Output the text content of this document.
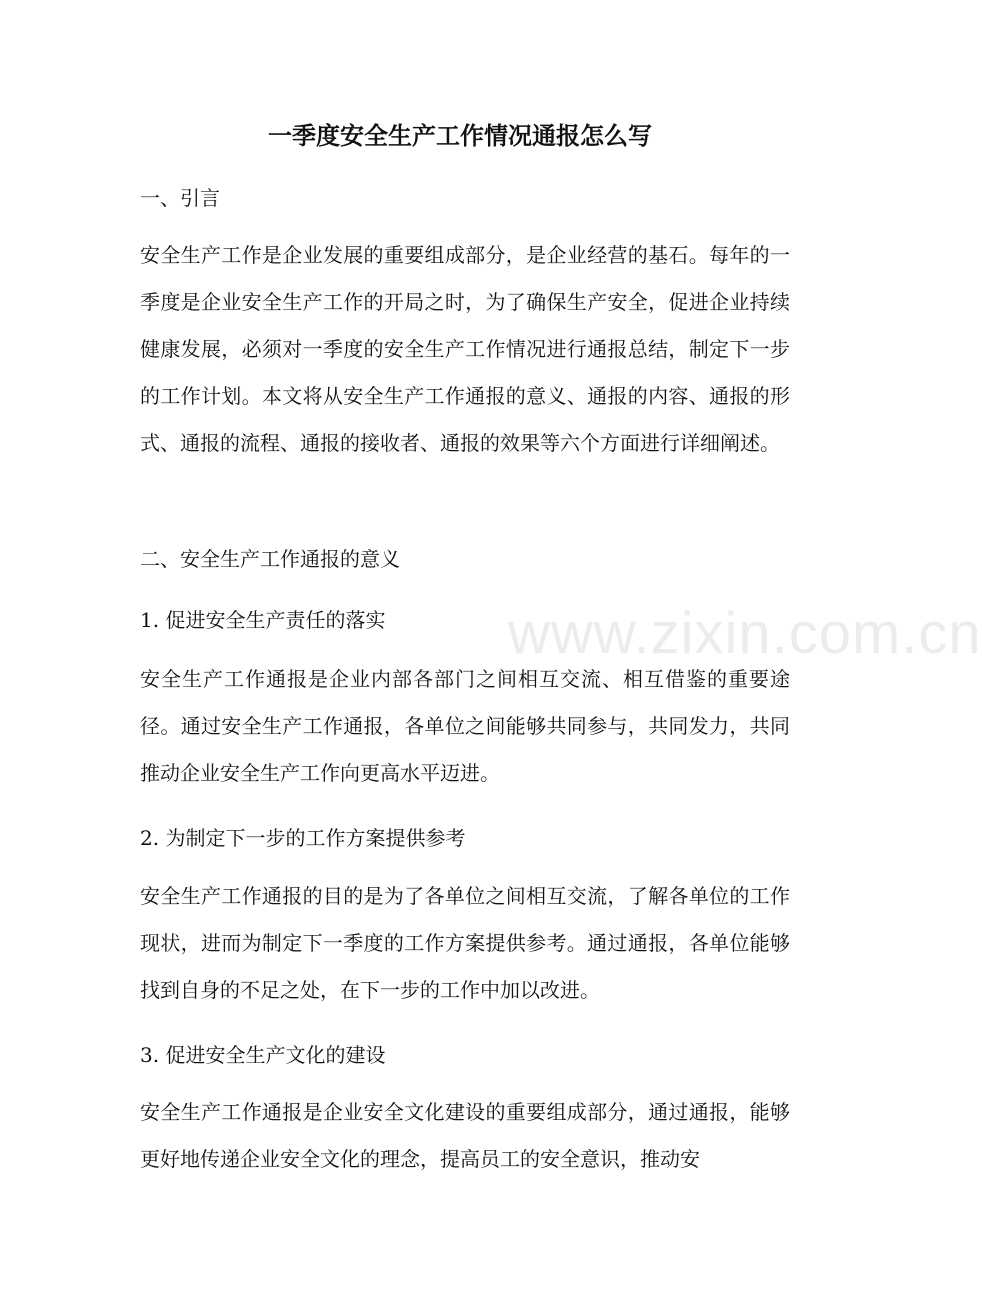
一季度安全生产工作情况通报怎么写
一、引言

安全生产工作是企业发展的重要组成部分，是企业经营的基石。每年的一季度是企业安全生产工作的开局之时，为了确保生产安全，促进企业持续健康发展，必须对一季度的安全生产工作情况进行通报总结，制定下一步的工作计划。本文将从安全生产工作通报的意义、通报的内容、通报的形式、通报的流程、通报的接收者、通报的效果等六个方面进行详细阐述。

二、安全生产工作通报的意义
1. 促进安全生产责任的落实

安全生产工作通报是企业内部各部门之间相互交流、相互借鉴的重要途径。通过安全生产工作通报，各单位之间能够共同参与，共同发力，共同推动企业安全生产工作向更高水平迈进。

2. 为制定下一步的工作方案提供参考

安全生产工作通报的目的是为了各单位之间相互交流，了解各单位的工作现状，进而为制定下一季度的工作方案提供参考。通过通报，各单位能够找到自身的不足之处，在下一步的工作中加以改进。

3. 促进安全生产文化的建设

安全生产工作通报是企业安全文化建设的重要组成部分，通过通报，能够更好地传递企业安全文化的理念，提高员工的安全意识，推动安

www.zixin.com.cn
